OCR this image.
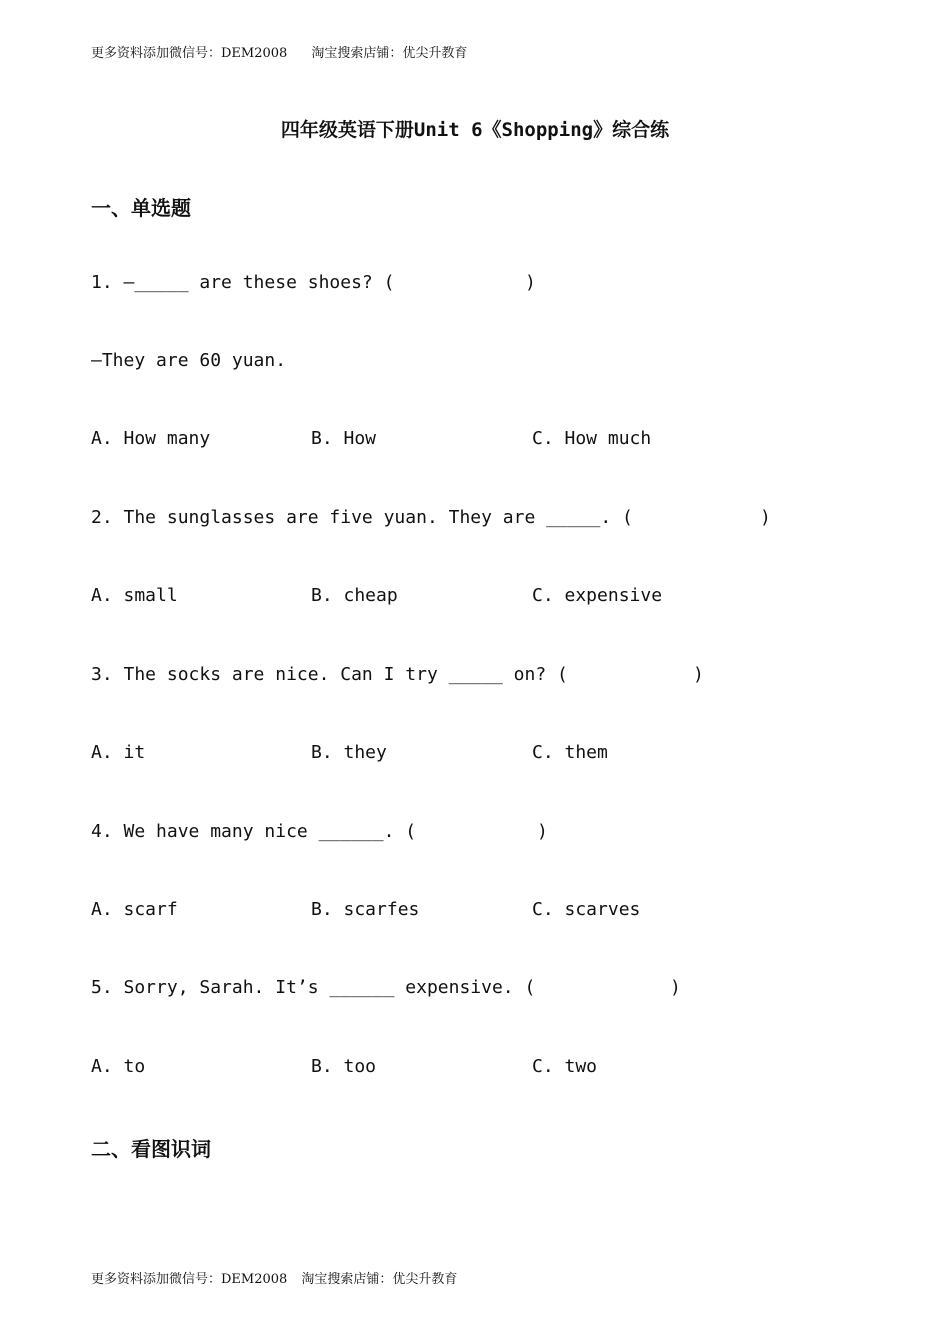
更多资料添加微信号：DEM2008 淘宝搜索店铺：优尖升教育
四年级英语下册Unit 6《Shopping》综合练
一、单选题
1. —_____ are these shoes? (	)
—They are 60 yuan.
A. How many	B. How	C. How much
2. The sunglasses are five yuan. They are _____. (	)
A. small	B. cheap	C. expensive
3. The socks are nice. Can I try _____ on? (	)
A. it	B. they	C. them
4. We have many nice ______. (	)
A. scarf	B. scarfes	C. scarves
5. Sorry, Sarah. It’s ______ expensive. (	)
A. to	B. too	C. two
二、看图识词
更多资料添加微信号：DEM2008 淘宝搜索店铺：优尖升教育
